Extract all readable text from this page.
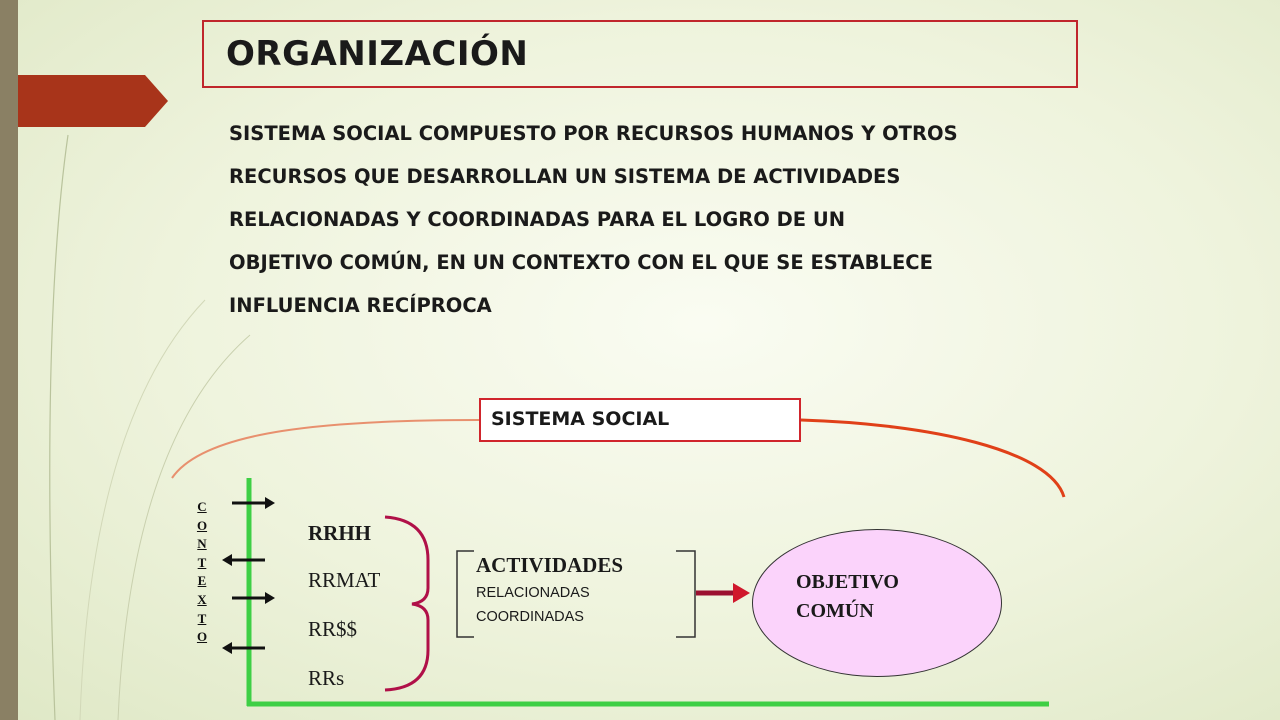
ORGANIZACIÓN
SISTEMA SOCIAL COMPUESTO POR RECURSOS HUMANOS Y OTROS
RECURSOS QUE DESARROLLAN UN SISTEMA DE ACTIVIDADES
RELACIONADAS Y COORDINADAS PARA EL LOGRO DE UN
OBJETIVO COMÚN, EN UN CONTEXTO CON EL QUE SE ESTABLECE
INFLUENCIA RECÍPROCA
SISTEMA SOCIAL
C
O
N
T
E
X
T
O
RRHH
RRMAT
RR$$
RRs
ACTIVIDADES
RELACIONADAS
COORDINADAS
OBJETIVO
COMÚN
